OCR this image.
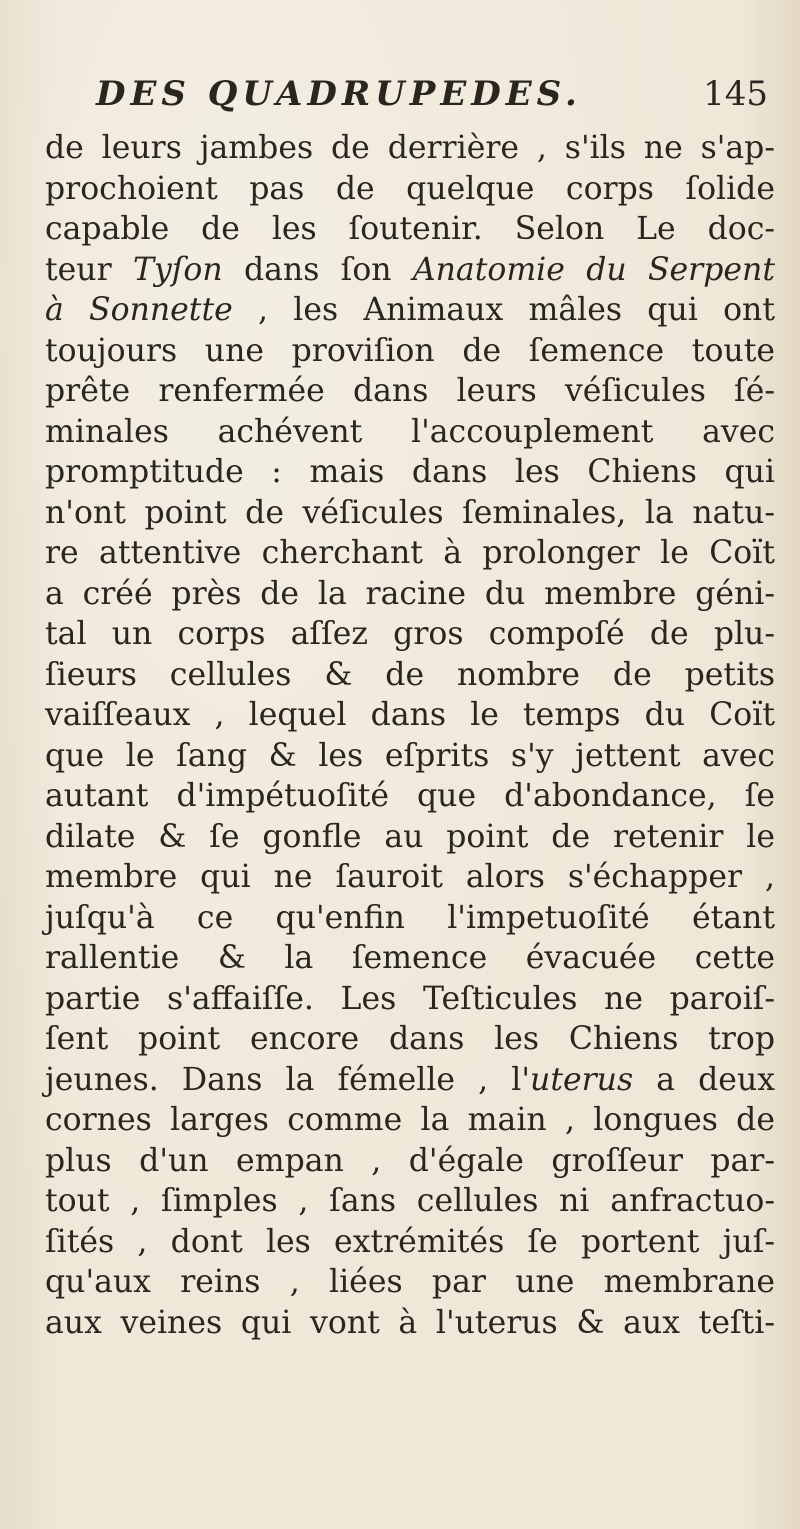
DES QUADRUPEDES.	145
de leurs jambes de derrière , s'ils ne s'ap-
prochoient pas de quelque corps ſolide
capable de les ſoutenir. Selon Le doc-
teur Tyſon dans ſon Anatomie du Serpent
à Sonnette , les Animaux mâles qui ont
toujours une proviſion de ſemence toute
prête renfermée dans leurs véſicules ſé-
minales achévent l'accouplement avec
promptitude : mais dans les Chiens qui
n'ont point de véſicules ſeminales, la natu-
re attentive cherchant à prolonger le Coït
a créé près de la racine du membre géni-
tal un corps aſſez gros compoſé de plu-
ſieurs cellules & de nombre de petits
vaiſſeaux , lequel dans le temps du Coït
que le ſang & les eſprits s'y jettent avec
autant d'impétuoſité que d'abondance, ſe
dilate & ſe gonfle au point de retenir le
membre qui ne ſauroit alors s'échapper ,
juſqu'à ce qu'enfin l'impetuoſité étant
rallentie & la ſemence évacuée cette
partie s'affaiſſe. Les Teſticules ne paroiſ-
ſent point encore dans les Chiens trop
jeunes. Dans la fémelle , l'uterus a deux
cornes larges comme la main , longues de
plus d'un empan , d'égale groſſeur par-
tout , ſimples , ſans cellules ni anfractuo-
ſités , dont les extrémités ſe portent juſ-
qu'aux reins , liées par une membrane
aux veines qui vont à l'uterus & aux teſti-
